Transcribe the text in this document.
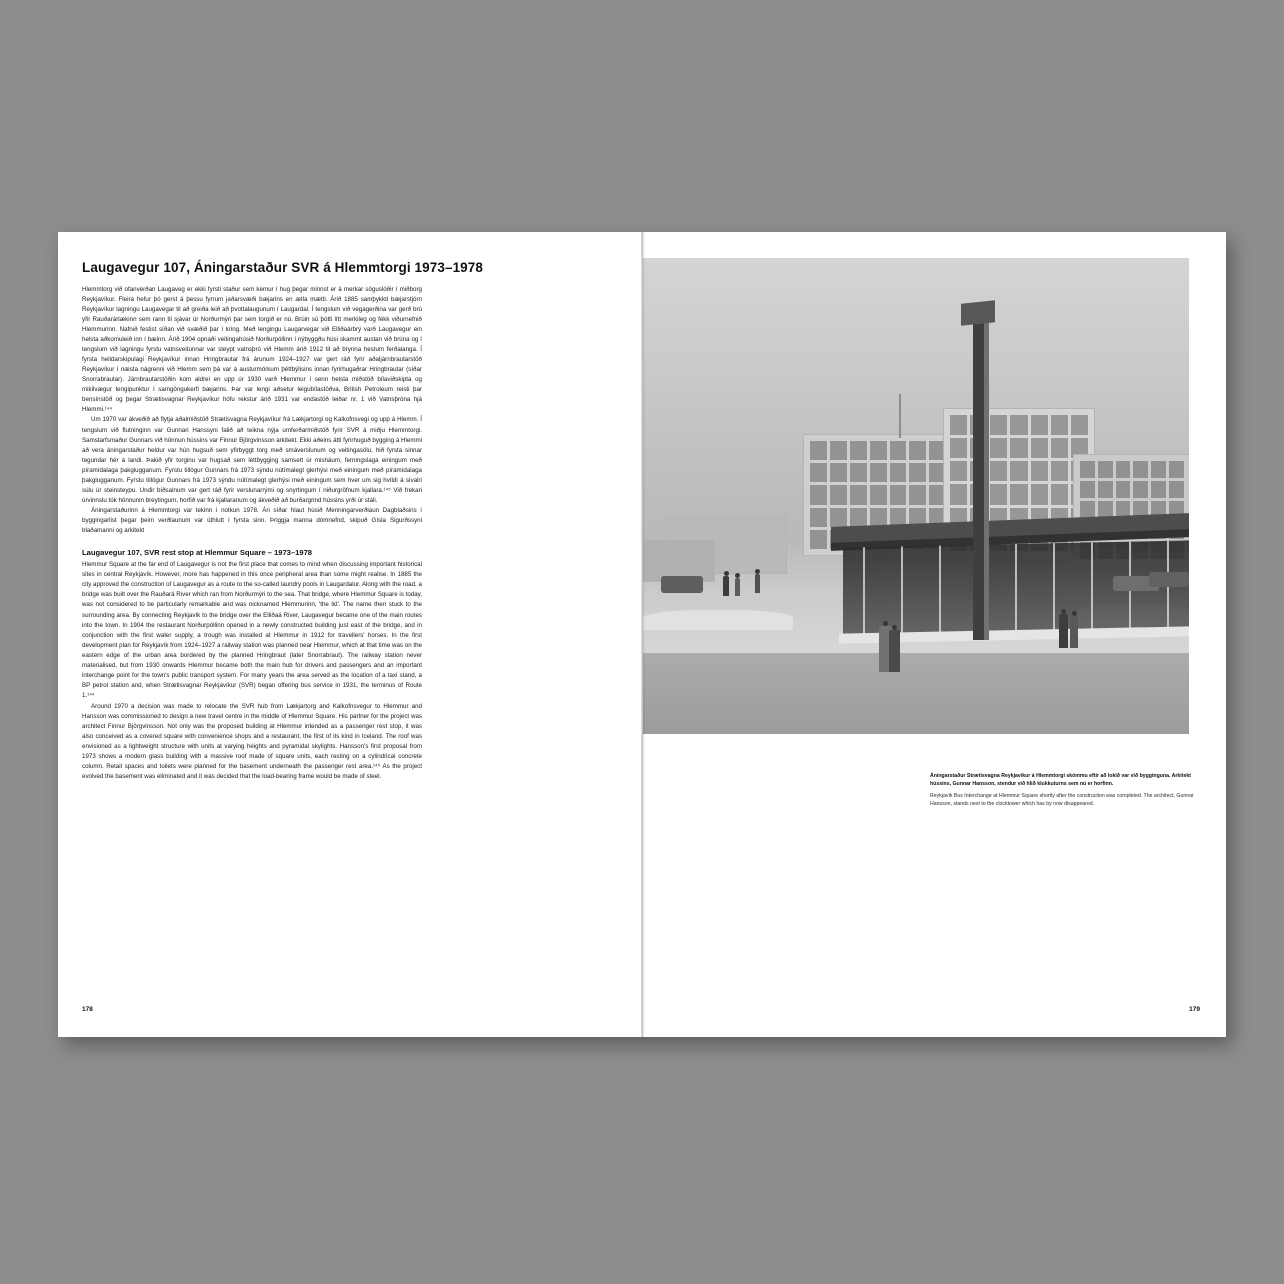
Laugavegur 107, Áningarstaður SVR á Hlemmtorgi 1973–1978

Hlemmtorg við ofanverðan Laugaveg er ekki fyrsti staður sem kemur í hug þegar minnst er á merkar söguslóðir í miðborg Reykjavíkur. Fleira hefur þó gerst á þessu fyrrum jaðarsvæði bæjarins en ætla mætti. Árið 1885 samþykkti bæjarstjórn Reykjavíkur lagningu Laugavegar til að greiða leið að þvottalaugunum í Laugardal. Í tengslum við vegagerðina var gerð brú yfir Rauðarárlækinn sem rann til sjávar úr Norðurmýri þar sem torgið er nú. Brúin sú þótti lítt merkileg og fékk viðurnefnið Hlemmurinn. Nafnið festist síðan við svæðið þar í kring. Með lengingu Laugarvegar við Elliðaárbrý varð Laugavegur ein helsta aðkomuleið inn í bæinn. Árið 1904 opnaði veitingahúsið Norðurpóllinn í nýbyggðu húsi skammt austan við brúna og í tengslum við lagningu fyrstu vatnsveitunnar var steypt vatnsþró við Hlemm árið 1912 til að brynna hestum ferðalanga. Í fyrsta heildarskipulagi Reykjavíkur innan Hringbrautar frá árunum 1924–1927 var gert ráð fyrir aðaljárnbrautarstöð Reykjavíkur í næsta nágrenni við Hlemm sem þá var á austurmörkum þéttbýlisins innan fyrirhugaðrar Hringbrautar (síðar Snorrabrautar). Járnbrautarstöðin kom aldrei en upp úr 1930 varð Hlemmur í senn helsta miðstöð bílaviðskipta og mikilvægur tengipunktur í samgöngukerfi bæjarins. Þar var lengi aðsetur leigubílastöðva, British Petroleum reisti þar bensínstöð og þegar Strætisvagnar Reykjavíkur hófu rekstur árið 1931 var endastöð leiðar nr. 1 við Vatnsþróna hjá Hlemmi.¹⁴⁴

Um 1970 var ákveðið að flytja aðalmiðstöð Strætisvagna Reykjavíkur frá Lækjartorgi og Kalkofnsvegi og upp á Hlemm. Í tengslum við flutninginn var Gunnari Hanssyni falið að teikna nýja umferðarmiðstöð fyrir SVR á miðju Hlemmtorgi. Samstarfsmaður Gunnars við hönnun hússins var Finnur Björgvinsson arkitekt. Ekki aðeins átti fyrirhuguð bygging á Hlemmi að vera áningarstaður heldur var hún hugsuð sem yfirbyggt torg með smáverslunum og veitingasölu, hið fyrsta sinnar tegundar hér á landi. Þakið yfir torginu var hugsað sem léttbygging samsett úr misháum, ferningslaga einingum með píramídalaga þakglugganum. Fyrstu tillögur Gunnars frá 1973 sýndu nútímalegt glerhýsi með einingum með píramídalaga þakglugganum. Fyrstu tillögur Gunnars frá 1973 sýndu nútímalegt glerhýsi með einingum sem hver um sig hvíldi á sívalri súlu úr steinsteypu. Undir bíðsalnum var gert ráð fyrir verslunarrými og snyrtingum í niðurgröfnum kjallara.¹⁴⁵ Við frekari úrvinnslu tók hönnunin breytingum, horfið var frá kjallaranum og ákveðið að burðargrind hússins yrði úr stáli.

Áningarstaðurinn á Hlemmtorgi var tekinn í notkun 1978. Ári síðar hlaut húsið Menningarverðlaun Dagblaðsins í byggingarlist þegar þeim verðlaunum var úthlutt í fyrsta sinn. Þriggja manna dómnefnd, skipuð Gísla Sigurðssyni blaðamanni og arkitekt

Laugavegur 107, SVR rest stop at Hlemmur Square – 1973–1978

Hlemmur Square at the far end of Laugavegur is not the first place that comes to mind when discussing important historical sites in central Reykjavík. However, more has happened in this once peripheral area than some might realise. In 1885 the city approved the construction of Laugavegur as a route to the so-called laundry pools in Laugardalur. Along with the road, a bridge was built over the Rauðará River which ran from Norðurmýri to the sea. That bridge, where Hlemmur Square is today, was not considered to be particularly remarkable and was nicknamed Hlemmurinn, 'the lid'. The name then stuck to the surrounding area. By connecting Reykjavík to the bridge over the Elliðaá River, Laugavegur became one of the main routes into the town. In 1904 the restaurant Norðurpóllinn opened in a newly constructed building just east of the bridge, and in conjunction with the first water supply, a trough was installed at Hlemmur in 1912 for travellers' horses. In the first development plan for Reykjavík from 1924–1927 a railway station was planned near Hlemmur, which at that time was on the eastern edge of the urban area bordered by the planned Hringbraut (later Snorrabraut). The railway station never materialised, but from 1930 onwards Hlemmur became both the main hub for drivers and passengers and an important interchange point for the town's public transport system. For many years the area served as the location of a taxi stand, a BP petrol station and, when Strætisvagnar Reykjavíkur (SVR) began offering bus service in 1931, the terminus of Route 1.¹⁴⁴

Around 1970 a decision was made to relocate the SVR hub from Lækjartorg and Kalkofnsvegur to Hlemmur and Hansson was commissioned to design a new travel centre in the middle of Hlemmur Square. His partner for the project was architect Finnur Björgvinsson. Not only was the proposed building at Hlemmur intended as a passenger rest stop, it was also conceived as a covered square with convenience shops and a restaurant, the first of its kind in Iceland. The roof was envisioned as a lightweight structure with units at varying heights and pyramidal skylights. Hansson's first proposal from 1973 shows a modern glass building with a massive roof made of square units, each resting on a cylindrical concrete column. Retail spaces and toilets were planned for the basement underneath the passenger rest area.¹⁴⁵ As the project evolved the basement was eliminated and it was decided that the load-bearing frame would be made of steel.

178

Áningarstaður Strætisvagna Reykjavíkur á Hlemmtorgi skömmu eftir að lokið var við bygginguna. Arkitekt hússins, Gunnar Hansson, stendur við hlið klukkuturns sem nú er horfinn.

Reykjavík Bus Interchange at Hlemmur Square shortly after the construction was completed. The architect, Gunnar Hansson, stands next to the clocktower which has by now disappeared.

179
